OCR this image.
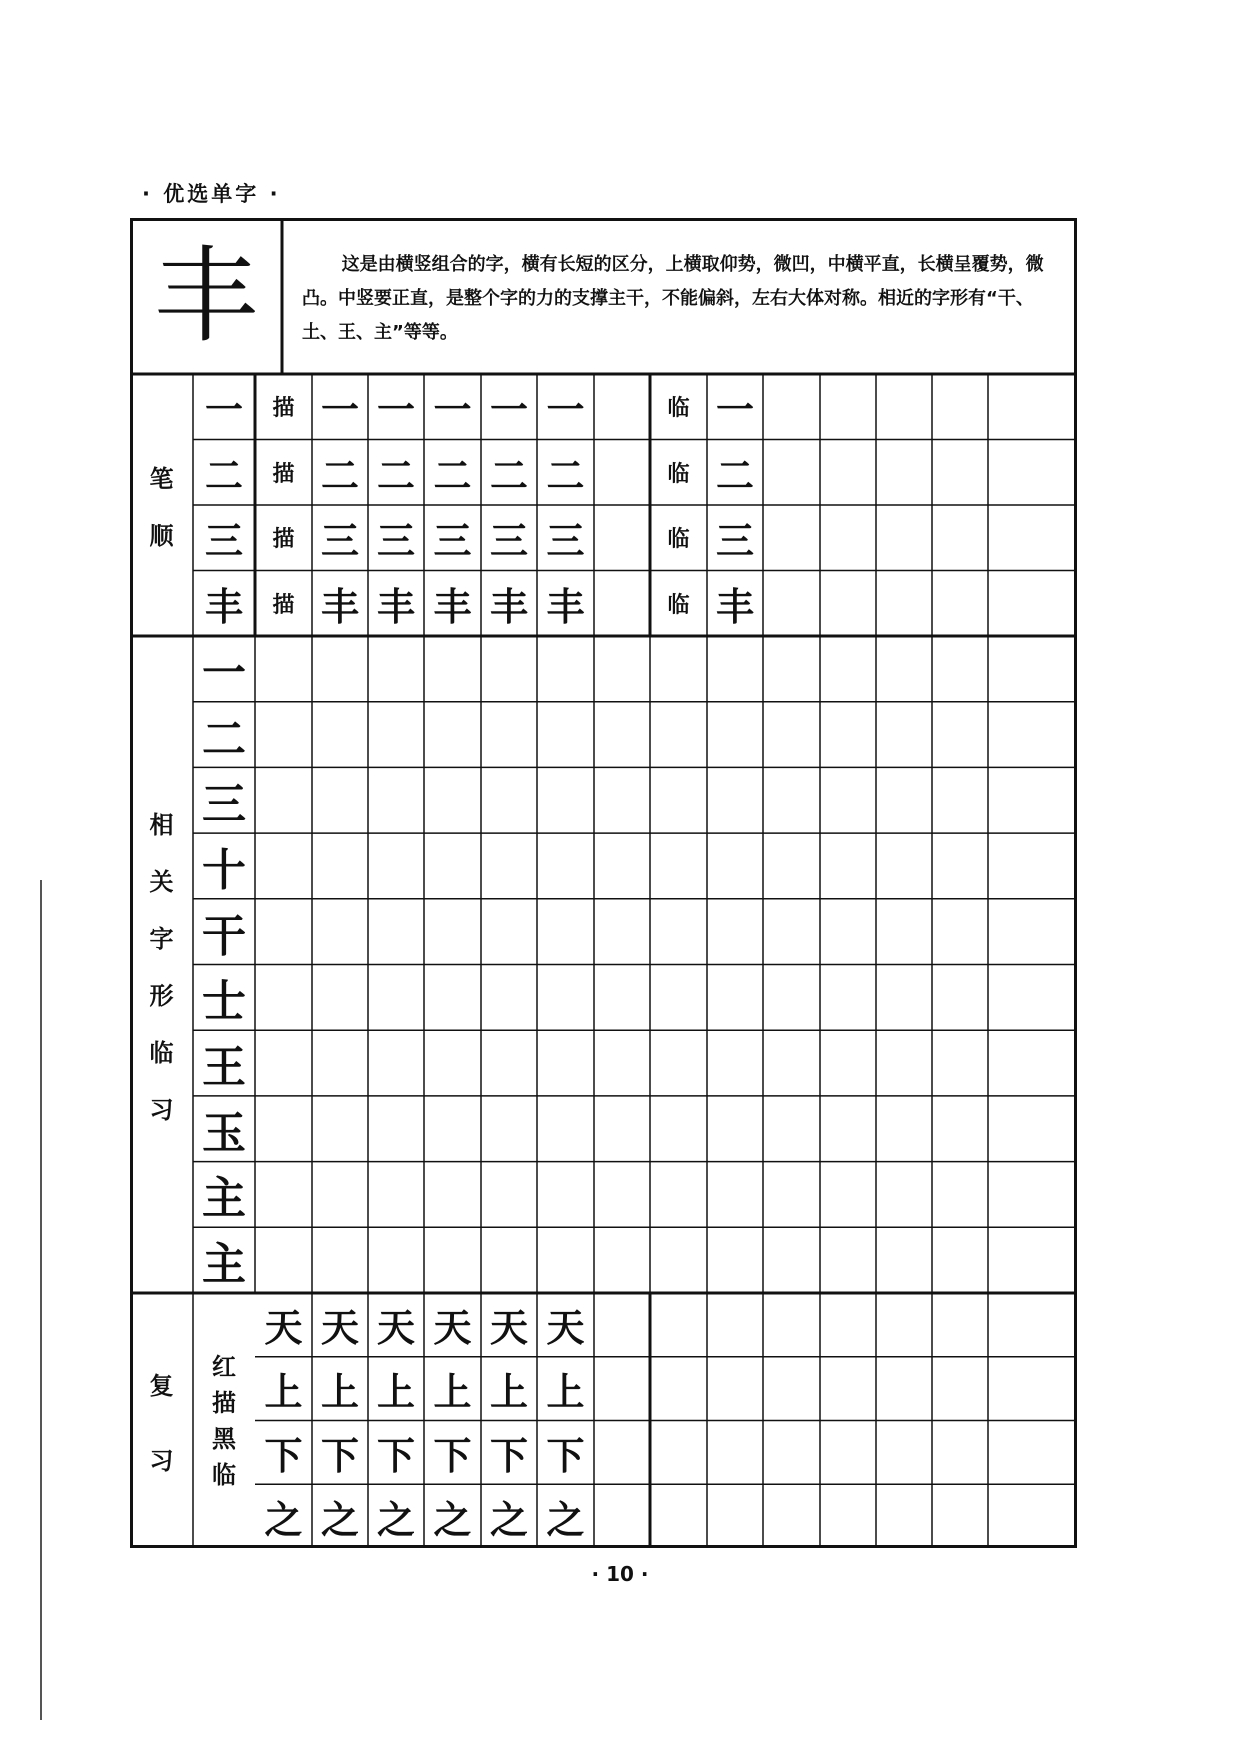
· 优选单字 ·
丰	这是由横竖组合的字，横有长短的区分，上横取仰势，微凹，中横平直，长横呈覆势，微凸。中竖要正直，是整个字的力的支撑主干，不能偏斜，左右大体对称。相近的字形有“干、土、王、主”等等。
笔
顺
相
关
字
形
临
习
复
习
红
描
黑
临
一	描 一 一 一 一 一	临 一
二	描 二 二 二 二 二	临 二
三	描 三 三 三 三 三	临 三
丰	描 丰 丰 丰 丰 丰	临 丰
一
二
三
十
干
士
王
玉
主
主
天 天 天 天 天 天
上 上 上 上 上 上
下 下 下 下 下 下
之 之 之 之 之 之
· 10 ·
